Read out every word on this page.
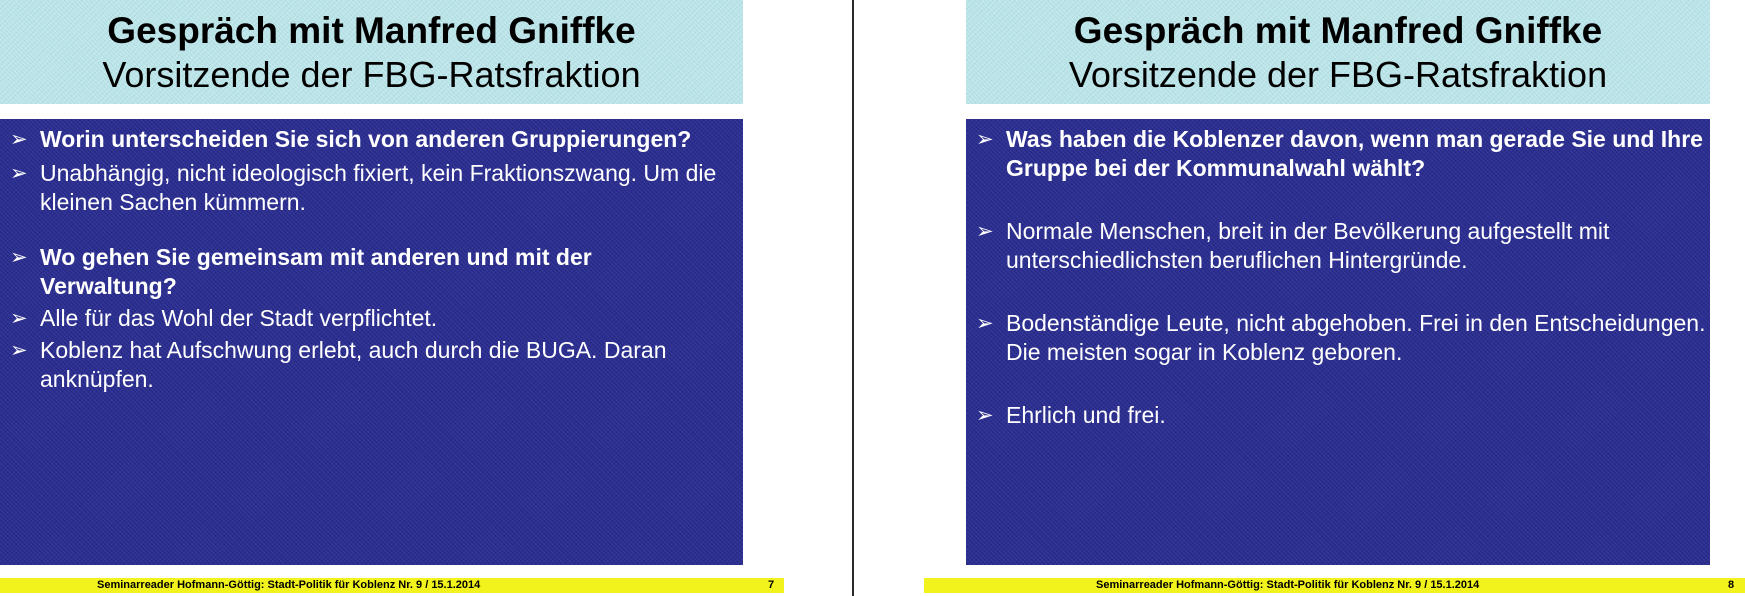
Gespräch mit Manfred Gniffke
Vorsitzende der FBG-Ratsfraktion
➢ Worin unterscheiden Sie sich von anderen Gruppierungen?
➢ Unabhängig, nicht ideologisch fixiert, kein Fraktionszwang. Um die kleinen Sachen kümmern.
➢ Wo gehen Sie gemeinsam mit anderen und mit der Verwaltung?
➢ Alle für das Wohl der Stadt verpflichtet.
➢ Koblenz hat Aufschwung erlebt, auch durch die BUGA. Daran anknüpfen.
Seminarreader Hofmann-Göttig: Stadt-Politik für Koblenz Nr. 9 / 15.1.2014	7
Gespräch mit Manfred Gniffke
Vorsitzende der FBG-Ratsfraktion
➢ Was haben die Koblenzer davon, wenn man gerade Sie und Ihre Gruppe bei der Kommunalwahl wählt?
➢ Normale Menschen, breit in der Bevölkerung aufgestellt mit unterschiedlichsten beruflichen Hintergründe.
➢ Bodenständige Leute, nicht abgehoben. Frei in den Entscheidungen. Die meisten sogar in Koblenz geboren.
➢ Ehrlich und frei.
Seminarreader Hofmann-Göttig: Stadt-Politik für Koblenz Nr. 9 / 15.1.2014	8
